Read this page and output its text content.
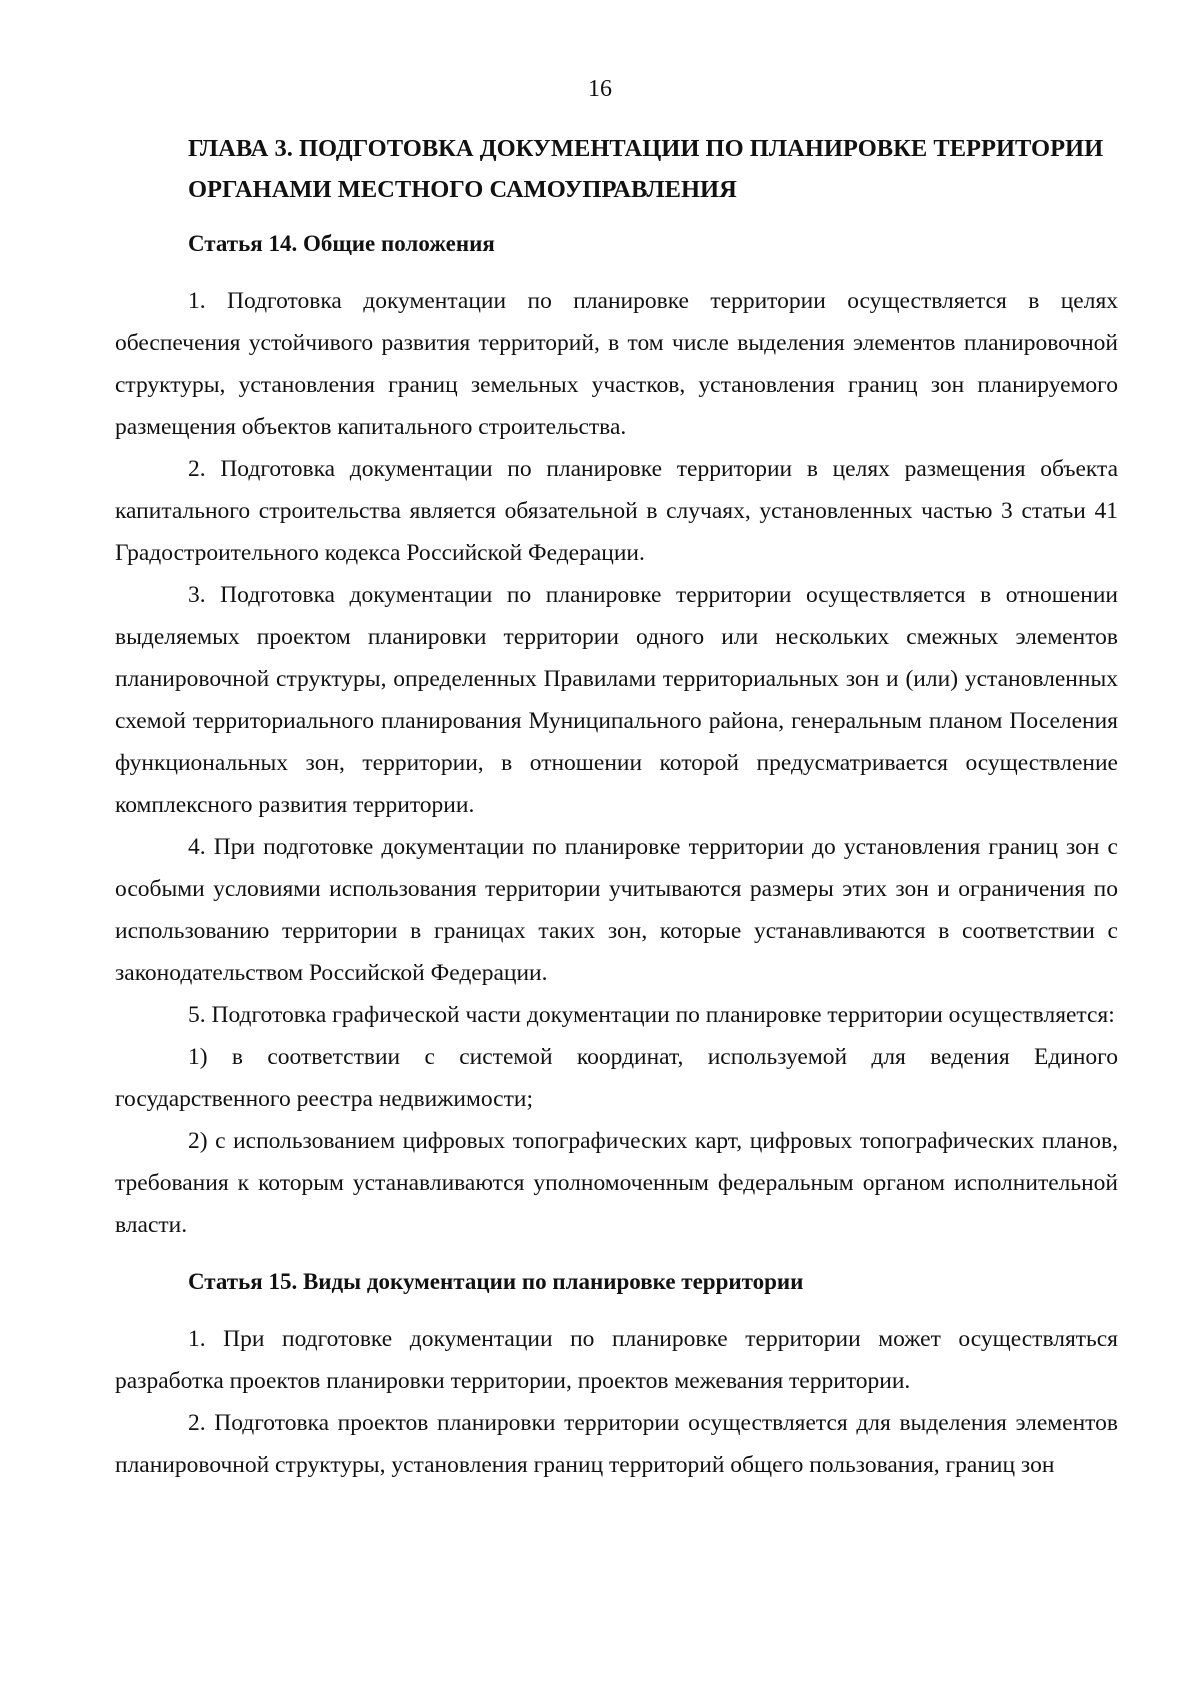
16
ГЛАВА 3. ПОДГОТОВКА ДОКУМЕНТАЦИИ ПО ПЛАНИРОВКЕ ТЕРРИТОРИИ ОРГАНАМИ МЕСТНОГО САМОУПРАВЛЕНИЯ
Статья 14. Общие положения

1. Подготовка документации по планировке территории осуществляется в целях обеспечения устойчивого развития территорий, в том числе выделения элементов планировочной структуры, установления границ земельных участков, установления границ зон планируемого размещения объектов капитального строительства.

2. Подготовка документации по планировке территории в целях размещения объекта капитального строительства является обязательной в случаях, установленных частью 3 статьи 41 Градостроительного кодекса Российской Федерации.

3. Подготовка документации по планировке территории осуществляется в отношении выделяемых проектом планировки территории одного или нескольких смежных элементов планировочной структуры, определенных Правилами территориальных зон и (или) установленных схемой территориального планирования Муниципального района, генеральным планом Поселения функциональных зон, территории, в отношении которой предусматривается осуществление комплексного развития территории.

4. При подготовке документации по планировке территории до установления границ зон с особыми условиями использования территории учитываются размеры этих зон и ограничения по использованию территории в границах таких зон, которые устанавливаются в соответствии с законодательством Российской Федерации.

5. Подготовка графической части документации по планировке территории осуществляется:

1) в соответствии с системой координат, используемой для ведения Единого государственного реестра недвижимости;

2) с использованием цифровых топографических карт, цифровых топографических планов, требования к которым устанавливаются уполномоченным федеральным органом исполнительной власти.

Статья 15. Виды документации по планировке территории

1. При подготовке документации по планировке территории может осуществляться разработка проектов планировки территории, проектов межевания территории.

2. Подготовка проектов планировки территории осуществляется для выделения элементов планировочной структуры, установления границ территорий общего пользования, границ зон
